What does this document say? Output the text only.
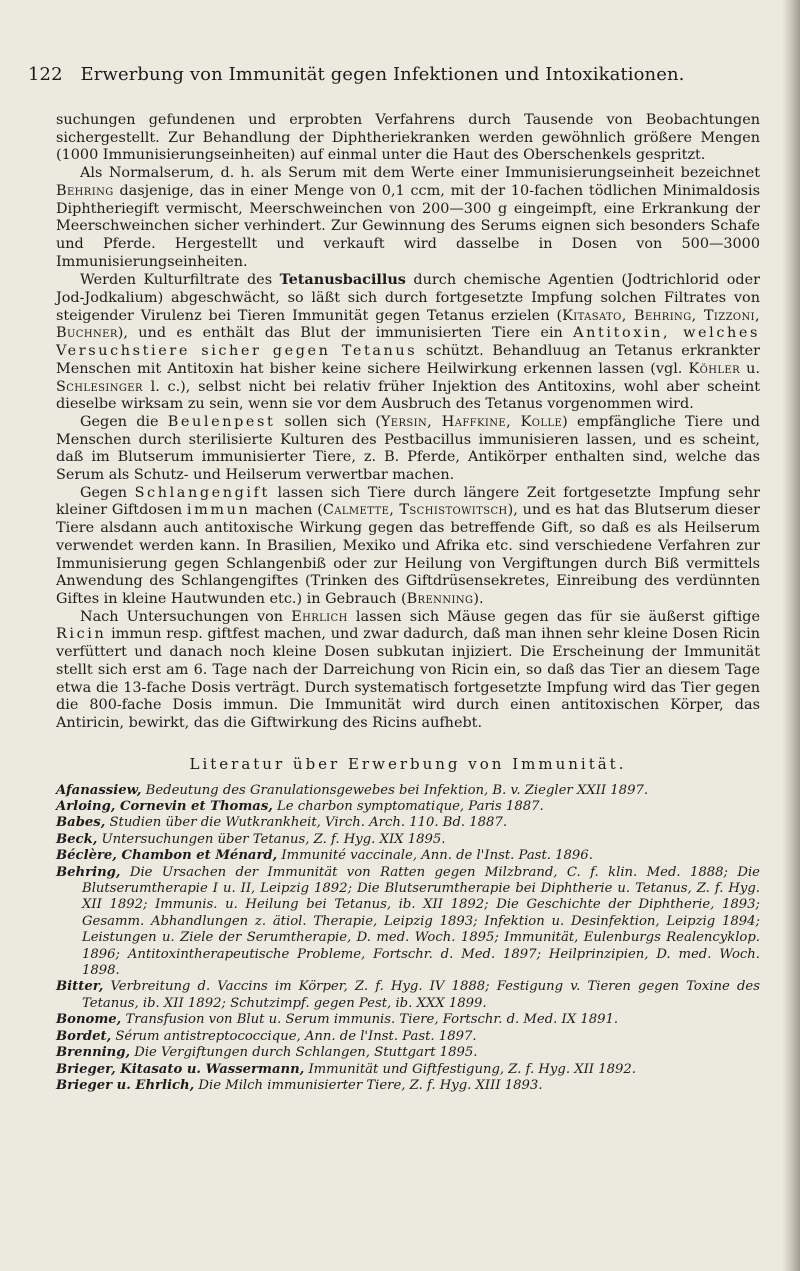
122 Erwerbung von Immunität gegen Infektionen und Intoxikationen.

suchungen gefundenen und erprobten Verfahrens durch Tausende von Beobachtungen sichergestellt. Zur Behandlung der Diphtheriekranken werden gewöhnlich größere Mengen (1000 Immunisierungseinheiten) auf einmal unter die Haut des Oberschenkels gespritzt.

Als Normalserum, d. h. als Serum mit dem Werte einer Immunisierungseinheit bezeichnet Behring dasjenige, das in einer Menge von 0,1 ccm, mit der 10-fachen tödlichen Minimaldosis Diphtheriegift vermischt, Meerschweinchen von 200—300 g eingeimpft, eine Erkrankung der Meerschweinchen sicher verhindert. Zur Gewinnung des Serums eignen sich besonders Schafe und Pferde. Hergestellt und verkauft wird dasselbe in Dosen von 500—3000 Immunisierungseinheiten.

Werden Kulturfiltrate des Tetanusbacillus durch chemische Agentien (Jodtrichlorid oder Jod-Jodkalium) abgeschwächt, so läßt sich durch fortgesetzte Impfung solchen Filtrates von steigender Virulenz bei Tieren Immunität gegen Tetanus erzielen (Kitasato, Behring, Tizzoni, Buchner), und es enthält das Blut der immunisierten Tiere ein Antitoxin, welches Versuchstiere sicher gegen Tetanus schützt. Behandluug an Tetanus erkrankter Menschen mit Antitoxin hat bisher keine sichere Heilwirkung erkennen lassen (vgl. Köhler u. Schlesinger l. c.), selbst nicht bei relativ früher Injektion des Antitoxins, wohl aber scheint dieselbe wirksam zu sein, wenn sie vor dem Ausbruch des Tetanus vorgenommen wird.

Gegen die Beulenpest sollen sich (Yersin, Haffkine, Kolle) empfängliche Tiere und Menschen durch sterilisierte Kulturen des Pestbacillus immunisieren lassen, und es scheint, daß im Blutserum immunisierter Tiere, z. B. Pferde, Antikörper enthalten sind, welche das Serum als Schutz- und Heilserum verwertbar machen.

Gegen Schlangengift lassen sich Tiere durch längere Zeit fortgesetzte Impfung sehr kleiner Giftdosen immun machen (Calmette, Tschistowitsch), und es hat das Blutserum dieser Tiere alsdann auch antitoxische Wirkung gegen das betreffende Gift, so daß es als Heilserum verwendet werden kann. In Brasilien, Mexiko und Afrika etc. sind verschiedene Verfahren zur Immunisierung gegen Schlangenbiß oder zur Heilung von Vergiftungen durch Biß vermittels Anwendung des Schlangengiftes (Trinken des Giftdrüsensekretes, Einreibung des verdünnten Giftes in kleine Hautwunden etc.) in Gebrauch (Brenning).

Nach Untersuchungen von Ehrlich lassen sich Mäuse gegen das für sie äußerst giftige Ricin immun resp. giftfest machen, und zwar dadurch, daß man ihnen sehr kleine Dosen Ricin verfüttert und danach noch kleine Dosen subkutan injiziert. Die Erscheinung der Immunität stellt sich erst am 6. Tage nach der Darreichung von Ricin ein, so daß das Tier an diesem Tage etwa die 13-fache Dosis verträgt. Durch systematisch fortgesetzte Impfung wird das Tier gegen die 800-fache Dosis immun. Die Immunität wird durch einen antitoxischen Körper, das Antiricin, bewirkt, das die Giftwirkung des Ricins aufhebt.

Literatur über Erwerbung von Immunität.

Afanassiew, Bedeutung des Granulationsgewebes bei Infektion, B. v. Ziegler XXII 1897.

Arloing, Cornevin et Thomas, Le charbon symptomatique, Paris 1887.

Babes, Studien über die Wutkrankheit, Virch. Arch. 110. Bd. 1887.

Beck, Untersuchungen über Tetanus, Z. f. Hyg. XIX 1895.

Béclère, Chambon et Ménard, Immunité vaccinale, Ann. de l'Inst. Past. 1896.

Behring, Die Ursachen der Immunität von Ratten gegen Milzbrand, C. f. klin. Med. 1888; Die Blutserumtherapie I u. II, Leipzig 1892; Die Blutserumtherapie bei Diphtherie u. Tetanus, Z. f. Hyg. XII 1892; Immunis. u. Heilung bei Tetanus, ib. XII 1892; Die Geschichte der Diphtherie, 1893; Gesamm. Abhandlungen z. ätiol. Therapie, Leipzig 1893; Infektion u. Desinfektion, Leipzig 1894; Leistungen u. Ziele der Serumtherapie, D. med. Woch. 1895; Immunität, Eulenburgs Realencyklop. 1896; Antitoxintherapeutische Probleme, Fortschr. d. Med. 1897; Heilprinzipien, D. med. Woch. 1898.

Bitter, Verbreitung d. Vaccins im Körper, Z. f. Hyg. IV 1888; Festigung v. Tieren gegen Toxine des Tetanus, ib. XII 1892; Schutzimpf. gegen Pest, ib. XXX 1899.

Bonome, Transfusion von Blut u. Serum immunis. Tiere, Fortschr. d. Med. IX 1891.

Bordet, Sérum antistreptococcique, Ann. de l'Inst. Past. 1897.

Brenning, Die Vergiftungen durch Schlangen, Stuttgart 1895.

Brieger, Kitasato u. Wassermann, Immunität und Giftfestigung, Z. f. Hyg. XII 1892.

Brieger u. Ehrlich, Die Milch immunisierter Tiere, Z. f. Hyg. XIII 1893.
